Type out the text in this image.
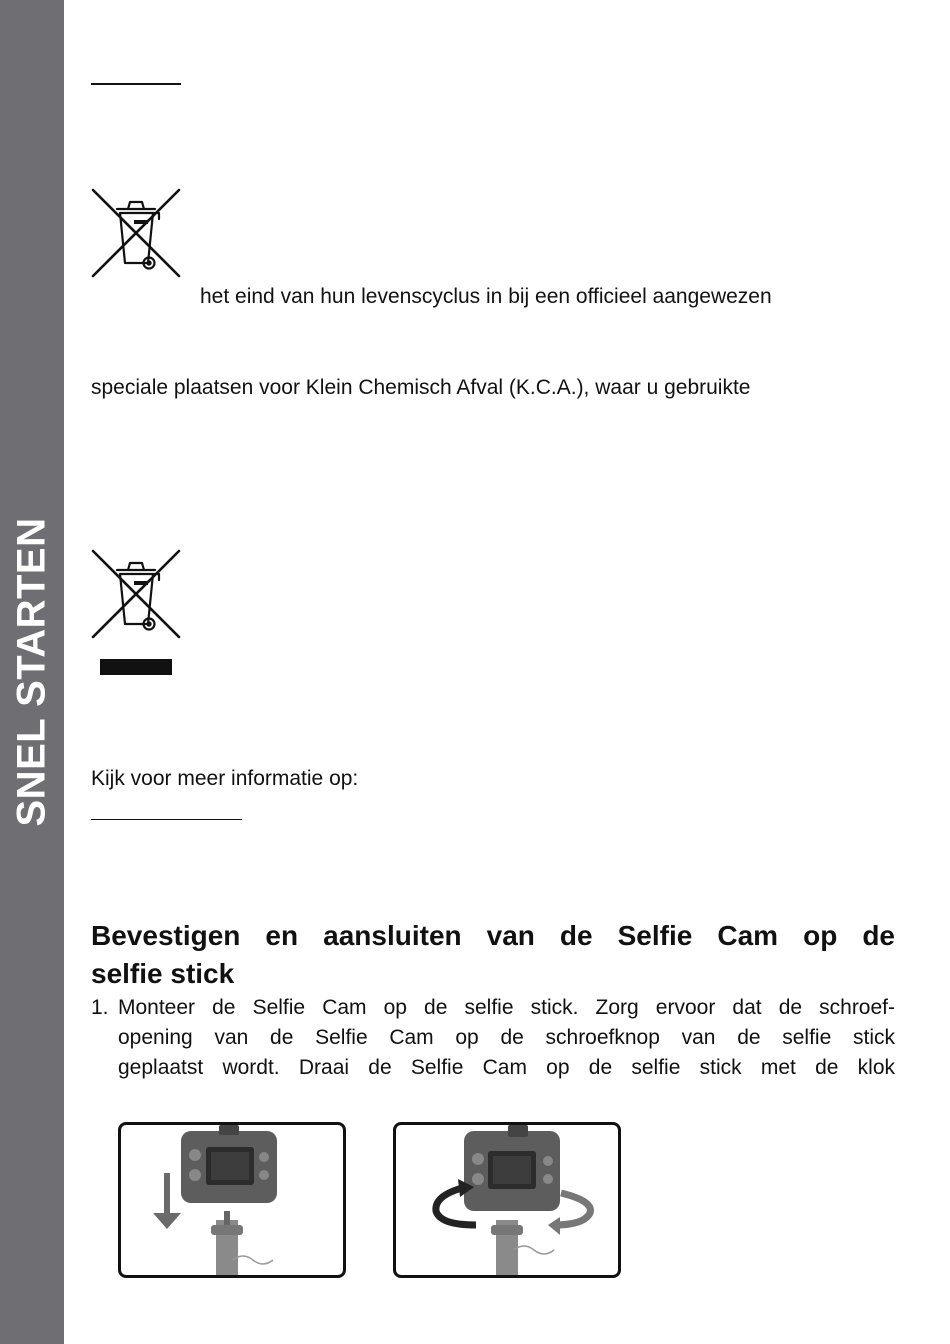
SNEL STARTEN
het eind van hun levenscyclus in bij een officieel aangewezen
speciale plaatsen voor Klein Chemisch Afval (K.C.A.), waar u gebruikte
Kijk voor meer informatie op:
Bevestigen en aansluiten van de Selfie Cam op de
selfie stick
1. Monteer de Selfie Cam op de selfie stick. Zorg ervoor dat de schroef-
opening van de Selfie Cam op de schroefknop van de selfie stick
geplaatst wordt. Draai de Selfie Cam op de selfie stick met de klok
